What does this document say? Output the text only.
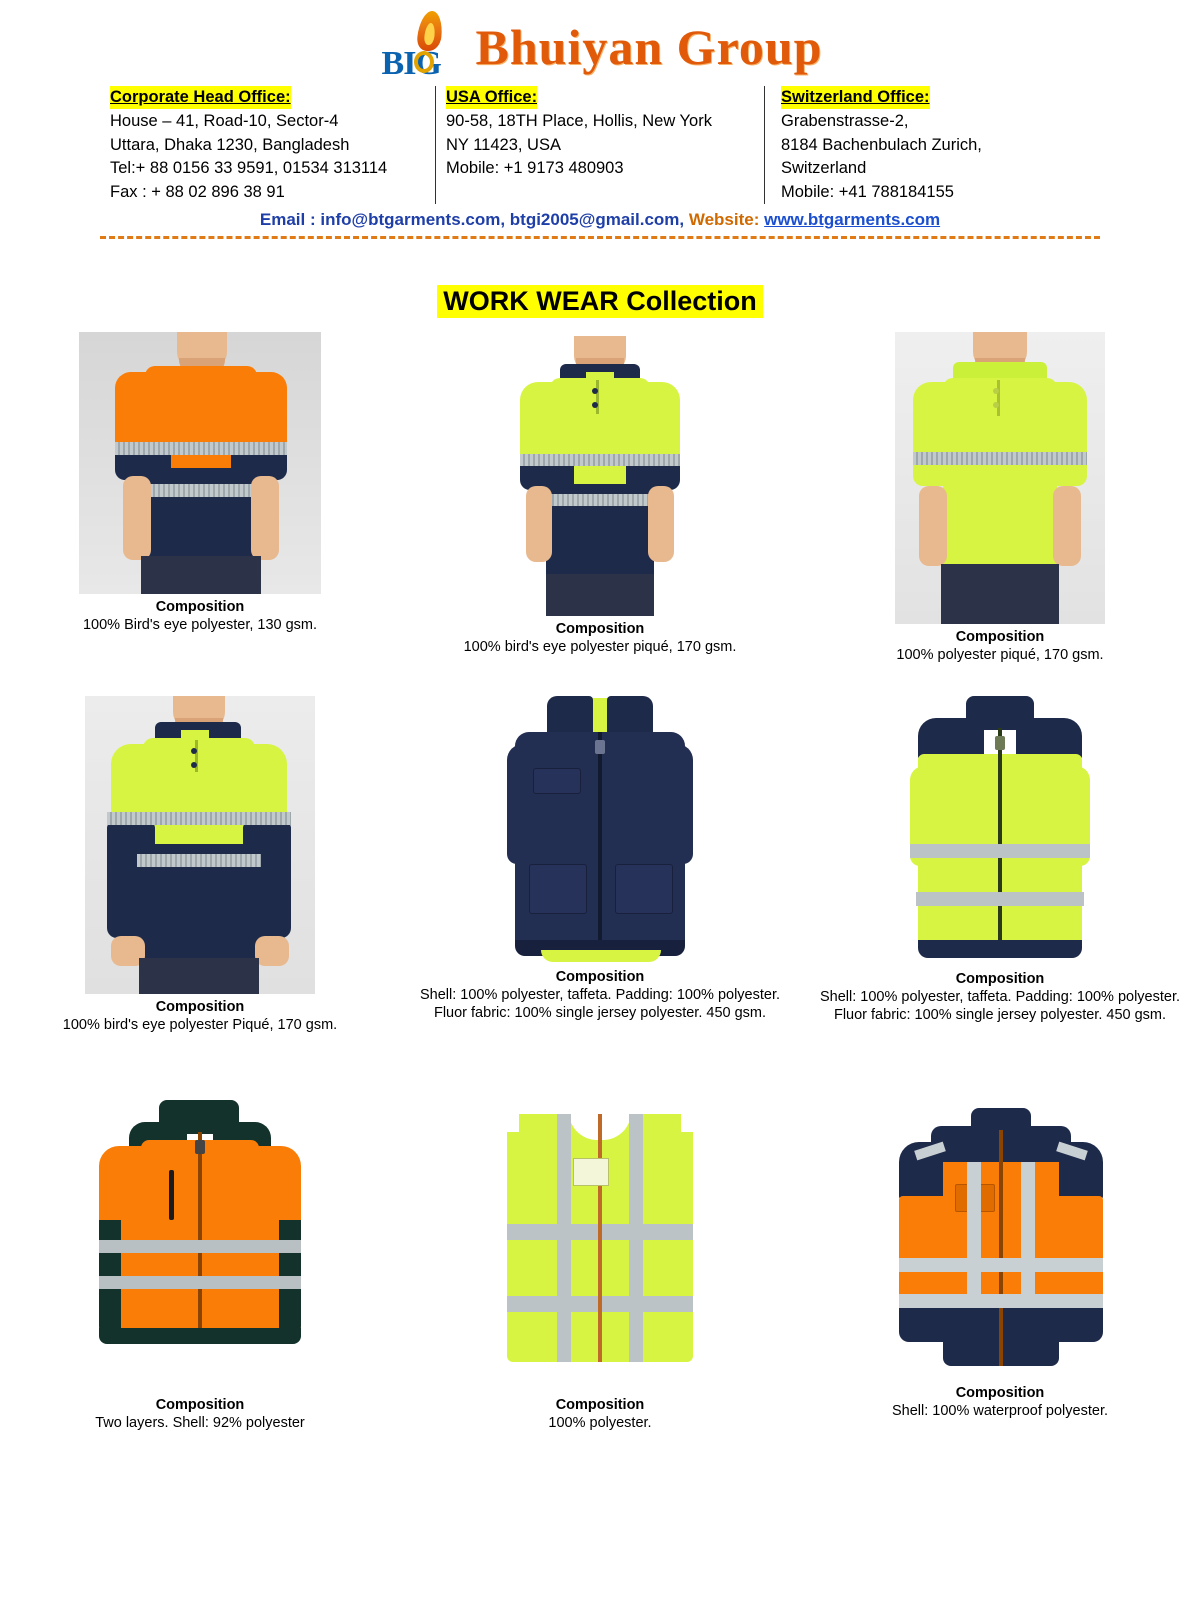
BIG Bhuiyan Group
Corporate Head Office:
House – 41, Road-10, Sector-4
Uttara, Dhaka 1230, Bangladesh
Tel:+ 88 0156 33 9591, 01534 313114
Fax : + 88 02 896 38 91
USA Office:
90-58, 18TH Place, Hollis, New York
NY 11423, USA
Mobile: +1 9173 480903
Switzerland Office:
Grabenstrasse-2,
8184 Bachenbulach Zurich,
Switzerland
Mobile: +41 788184155
Email : info@btgarments.com, btgi2005@gmail.com, Website: www.btgarments.com
WORK WEAR Collection
Composition
100% Bird's eye polyester, 130 gsm.	Composition
100% bird's eye polyester piqué, 170 gsm.
Composition
100% polyester piqué, 170 gsm.
Composition
100% bird's eye polyester Piqué, 170 gsm.
Composition
Shell: 100% polyester, taffeta. Padding: 100% polyester. Fluor fabric: 100% single jersey polyester. 450 gsm.
Composition
Shell: 100% polyester, taffeta. Padding: 100% polyester. Fluor fabric: 100% single jersey polyester. 450 gsm.
Composition
Two layers. Shell: 92% polyester
Composition
100% polyester.
Composition
Shell: 100% waterproof polyester.
